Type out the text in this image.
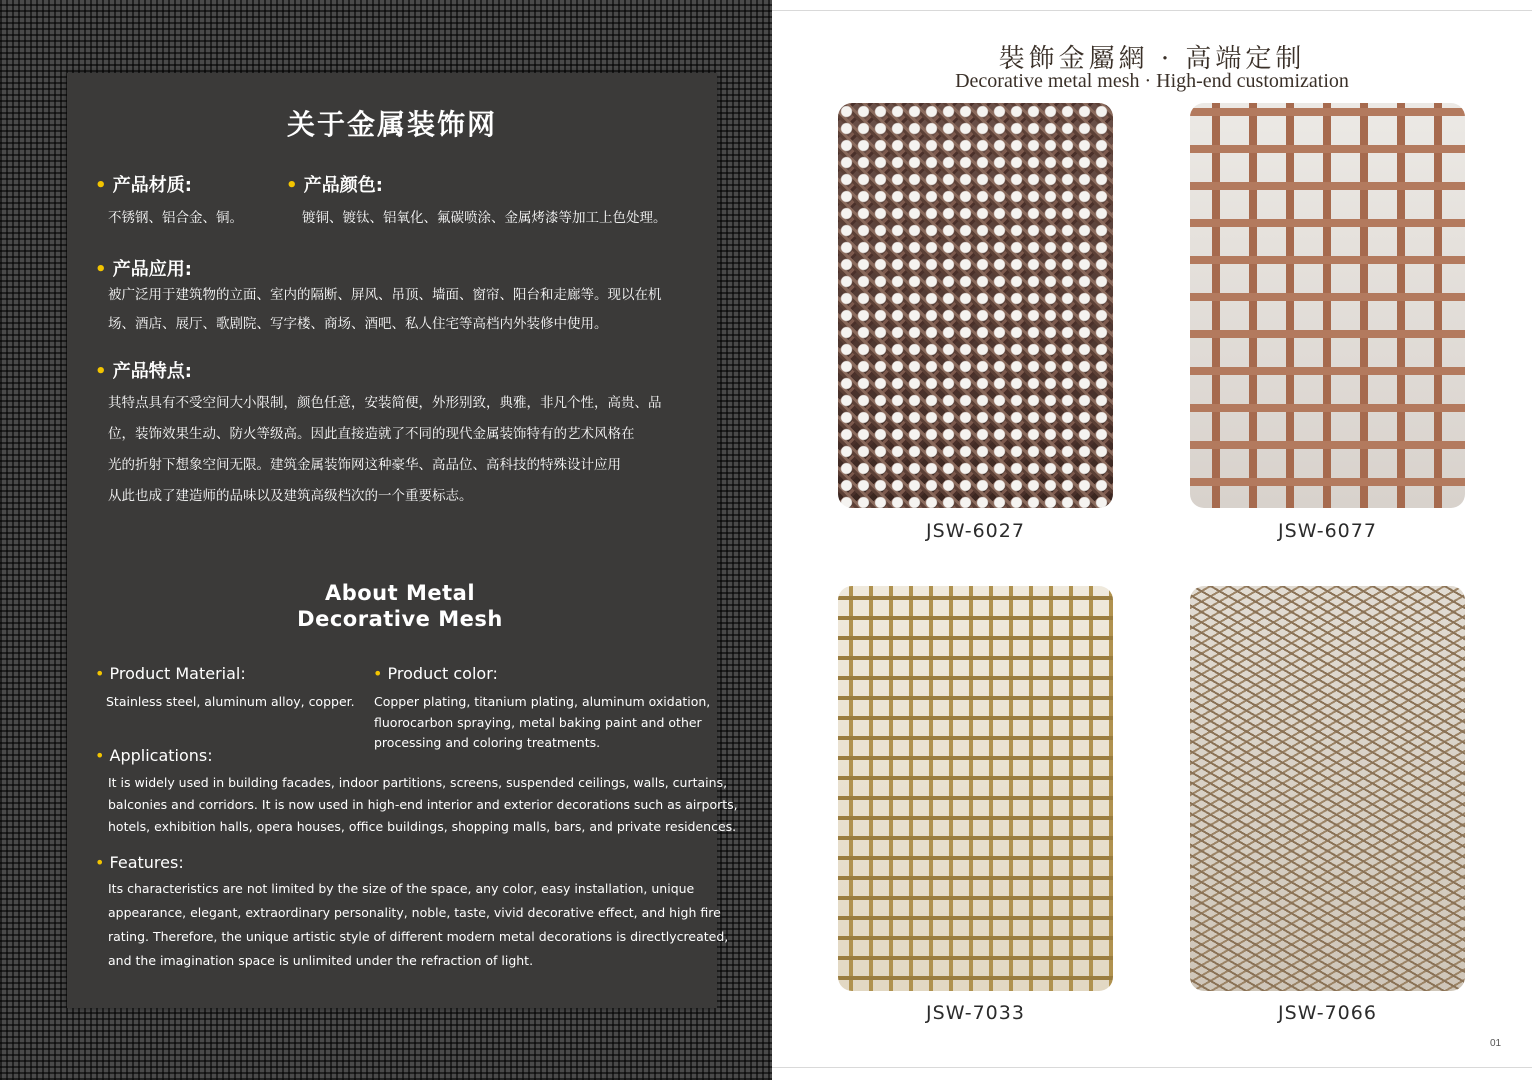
关于金属装饰网
• 产品材质:
不锈钢、铝合金、铜。
• 产品颜色:
镀铜、镀钛、铝氧化、氟碳喷涂、金属烤漆等加工上色处理。
• 产品应用:
被广泛用于建筑物的立面、室内的隔断、屏风、吊顶、墙面、窗帘、阳台和走廊等。现以在机
场、酒店、展厅、歌剧院、写字楼、商场、酒吧、私人住宅等高档内外装修中使用。
• 产品特点:
其特点具有不受空间大小限制，颜色任意，安装简便，外形别致，典雅，非凡个性，高贵、品
位，装饰效果生动、防火等级高。因此直接造就了不同的现代金属装饰特有的艺术风格在
光的折射下想象空间无限。建筑金属装饰网这种豪华、高品位、高科技的特殊设计应用
从此也成了建造师的品味以及建筑高级档次的一个重要标志。
About Metal
Decorative Mesh
• Product Material:
Stainless steel, aluminum alloy, copper.
• Product color:
Copper plating, titanium plating, aluminum oxidation,
fluorocarbon spraying, metal baking paint and other
processing and coloring treatments.
• Applications:
It is widely used in building facades, indoor partitions, screens, suspended ceilings, walls, curtains,
balconies and corridors. It is now used in high-end interior and exterior decorations such as airports,
hotels, exhibition halls, opera houses, office buildings, shopping malls, bars, and private residences.
• Features:
Its characteristics are not limited by the size of the space, any color, easy installation, unique
appearance, elegant, extraordinary personality, noble, taste, vivid decorative effect, and high fire
rating. Therefore, the unique artistic style of different modern metal decorations is directlycreated,
and the imagination space is unlimited under the refraction of light.
裝飾金屬網 · 高端定制
Decorative metal mesh · High-end customization
JSW-6027	JSW-6077
JSW-7033	JSW-7066
01
